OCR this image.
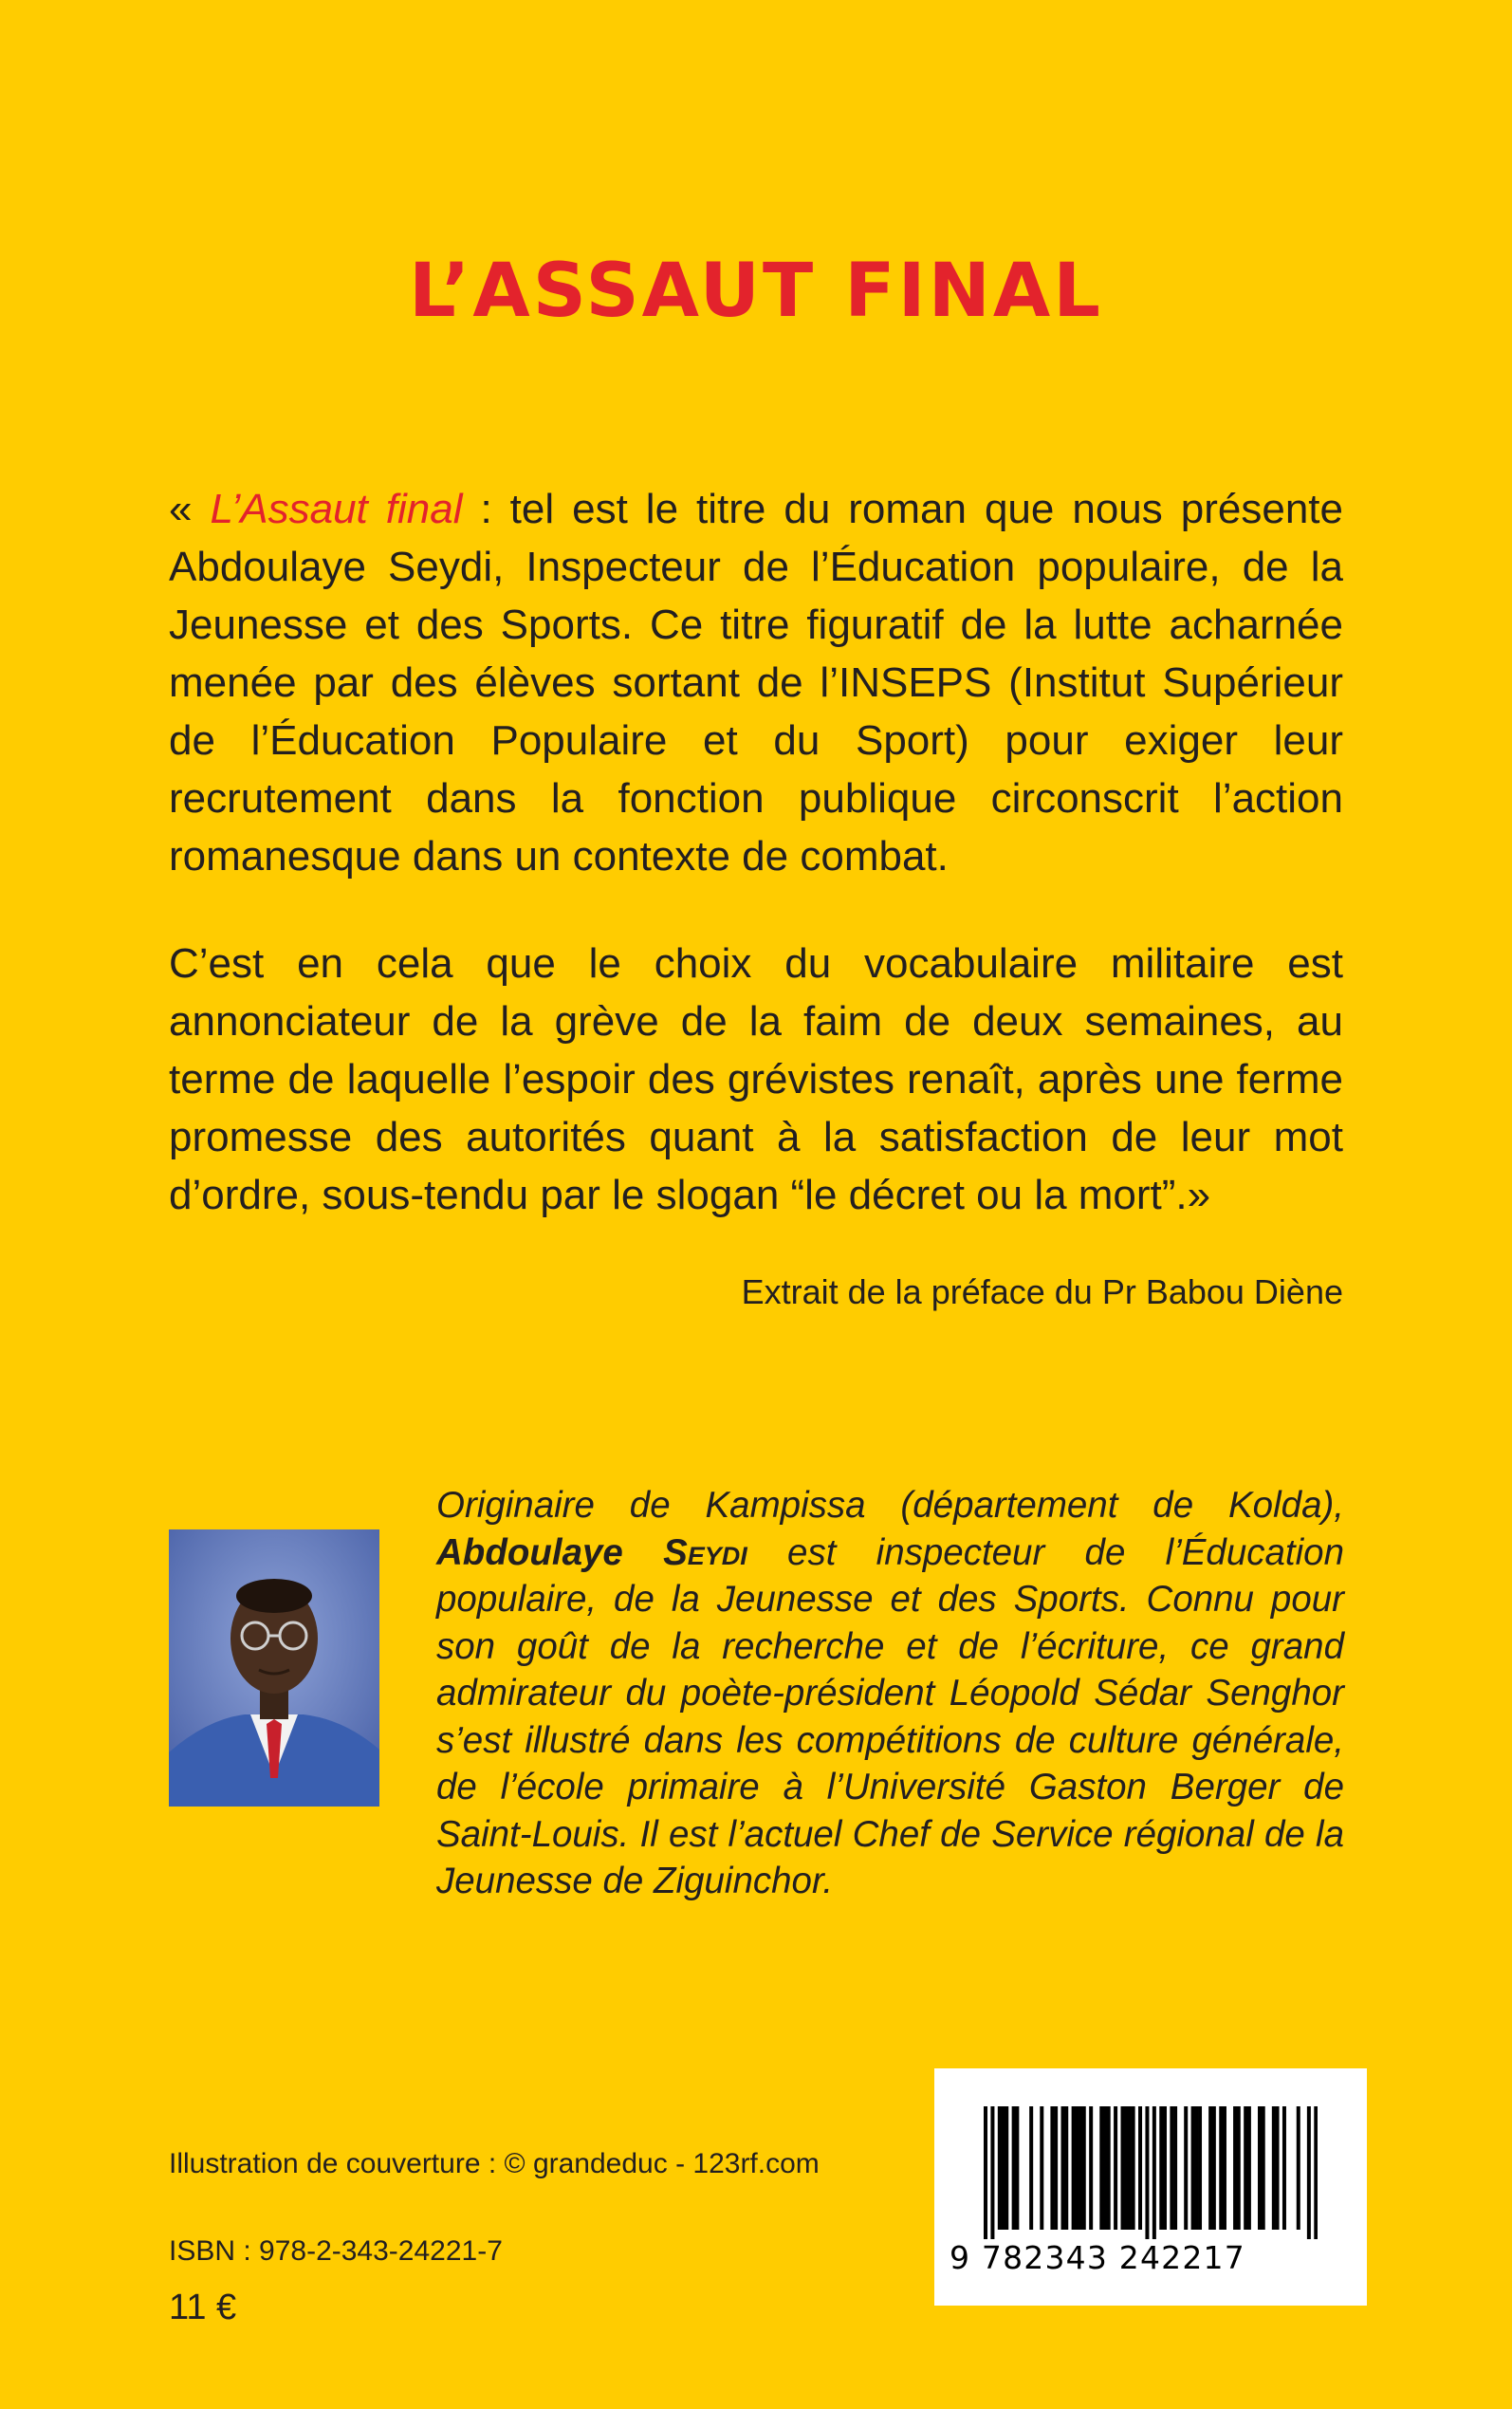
L’ASSAUT FINAL

« L’Assaut final : tel est le titre du roman que nous présente Abdoulaye Seydi, Inspecteur de l’Éducation populaire, de la Jeunesse et des Sports. Ce titre figuratif de la lutte acharnée menée par des élèves sortant de l’INSEPS (Institut Supérieur de l’Éducation Populaire et du Sport) pour exiger leur recrutement dans la fonction publique circonscrit l’action romanesque dans un contexte de combat.

C’est en cela que le choix du vocabulaire militaire est annonciateur de la grève de la faim de deux semaines, au terme de laquelle l’espoir des grévistes renaît, après une ferme promesse des autorités quant à la satisfaction de leur mot d’ordre, sous-tendu par le slogan “le décret ou la mort”.»

Extrait de la préface du Pr Babou Diène

Originaire de Kampissa (département de Kolda), Abdoulaye Seydi est inspecteur de l’Éducation populaire, de la Jeunesse et des Sports. Connu pour son goût de la recherche et de l’écriture, ce grand admirateur du poète-président Léopold Sédar Senghor s’est illustré dans les compétitions de culture générale, de l’école primaire à l’Université Gaston Berger de Saint-Louis. Il est l’actuel Chef de Service régional de la Jeunesse de Ziguinchor.

Illustration de couverture : © grandeduc - 123rf.com

ISBN : 978-2-343-24221-7

11 €

9 782343 242217
